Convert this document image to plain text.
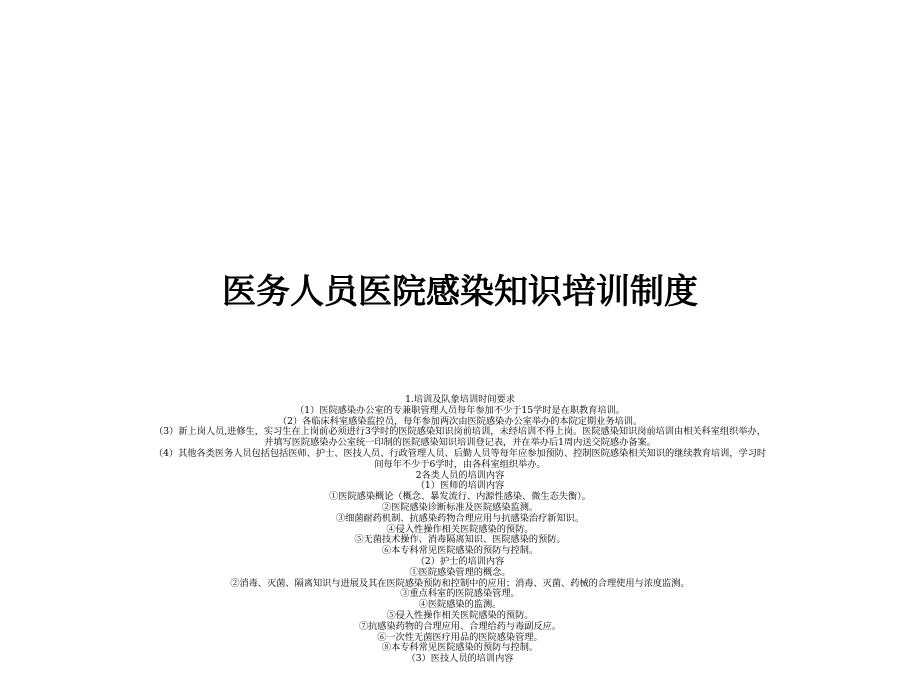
医务人员医院感染知识培训制度

1.培训及队象培训时间要求

（1）医院感染办公室的专兼职管理人员每年参加不少于15学时是在职教育培训。

（2）各临床科室感染监控员，每年参加两次由医院感染办公室举办的本院定期业务培训。

（3）新上岗人员,进修生，实习生在上岗前必须进行3学时的医院感染知识岗前培训，未经培训不得上岗。医院感染知识岗前培训由相关科室组织举办，并填写医院感染办公室统一印制的医院感染知识培训登记表，并在举办后1周内送交院感办备案。

（4）其他各类医务人员包括包括医师、护士、医技人员、行政管理人员、后勤人员等每年应参加预防、控制医院感染相关知识的继续教育培训，学习时间每年不少于6学时，由各科室组织举办。

2各类人员的培训内容

（1）医师的培训内容

①医院感染概论（概念、暴发流行、内源性感染、微生态失衡）。

②医院感染诊断标准及医院感染监测。

③细菌耐药机制、抗感染药物合理应用与抗感染治疗新知识。

④侵入性操作相关医院感染的预防。

⑤无菌技术操作、消毒隔离知识、医院感染的预防。

⑥本专科常见医院感染的预防与控制。

（2）护士的培训内容

①医院感染管理的概念。

②消毒、灭菌、隔离知识与进展及其在医院感染预防和控制中的应用；消毒、灭菌、药械的合理使用与浓度监测。

③重点科室的医院感染管理。

④医院感染的监测。

⑤侵入性操作相关医院感染的预防。

⑦抗感染药物的合理应用、合理给药与毒副反应。

⑥一次性无菌医疗用品的医院感染管理。

⑧本专科常见医院感染的预防与控制。

（3）医技人员的培训内容
